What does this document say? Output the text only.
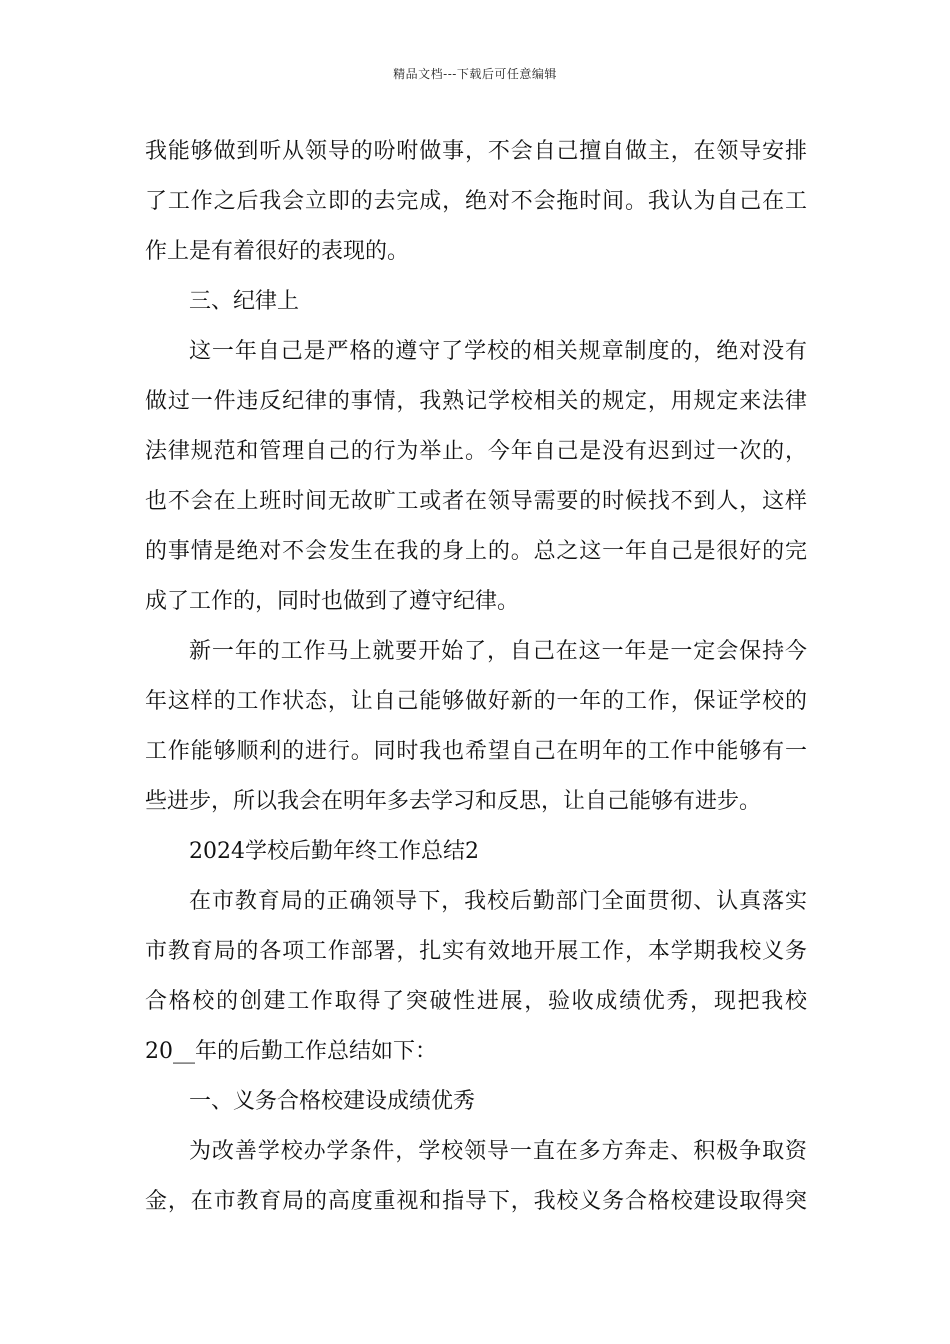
精品文档---下载后可任意编辑
我能够做到听从领导的吩咐做事，不会自己擅自做主，在领导安排
了工作之后我会立即的去完成，绝对不会拖时间。我认为自己在工
作上是有着很好的表现的。
三、纪律上
这一年自己是严格的遵守了学校的相关规章制度的，绝对没有
做过一件违反纪律的事情，我熟记学校相关的规定，用规定来法律
法律规范和管理自己的行为举止。今年自己是没有迟到过一次的，
也不会在上班时间无故旷工或者在领导需要的时候找不到人，这样
的事情是绝对不会发生在我的身上的。总之这一年自己是很好的完
成了工作的，同时也做到了遵守纪律。
新一年的工作马上就要开始了，自己在这一年是一定会保持今
年这样的工作状态，让自己能够做好新的一年的工作，保证学校的
工作能够顺利的进行。同时我也希望自己在明年的工作中能够有一
些进步，所以我会在明年多去学习和反思，让自己能够有进步。
2024学校后勤年终工作总结2
在市教育局的正确领导下，我校后勤部门全面贯彻、认真落实
市教育局的各项工作部署，扎实有效地开展工作，本学期我校义务
合格校的创建工作取得了突破性进展，验收成绩优秀，现把我校
20__年的后勤工作总结如下：
一、义务合格校建设成绩优秀
为改善学校办学条件，学校领导一直在多方奔走、积极争取资
金，在市教育局的高度重视和指导下，我校义务合格校建设取得突
